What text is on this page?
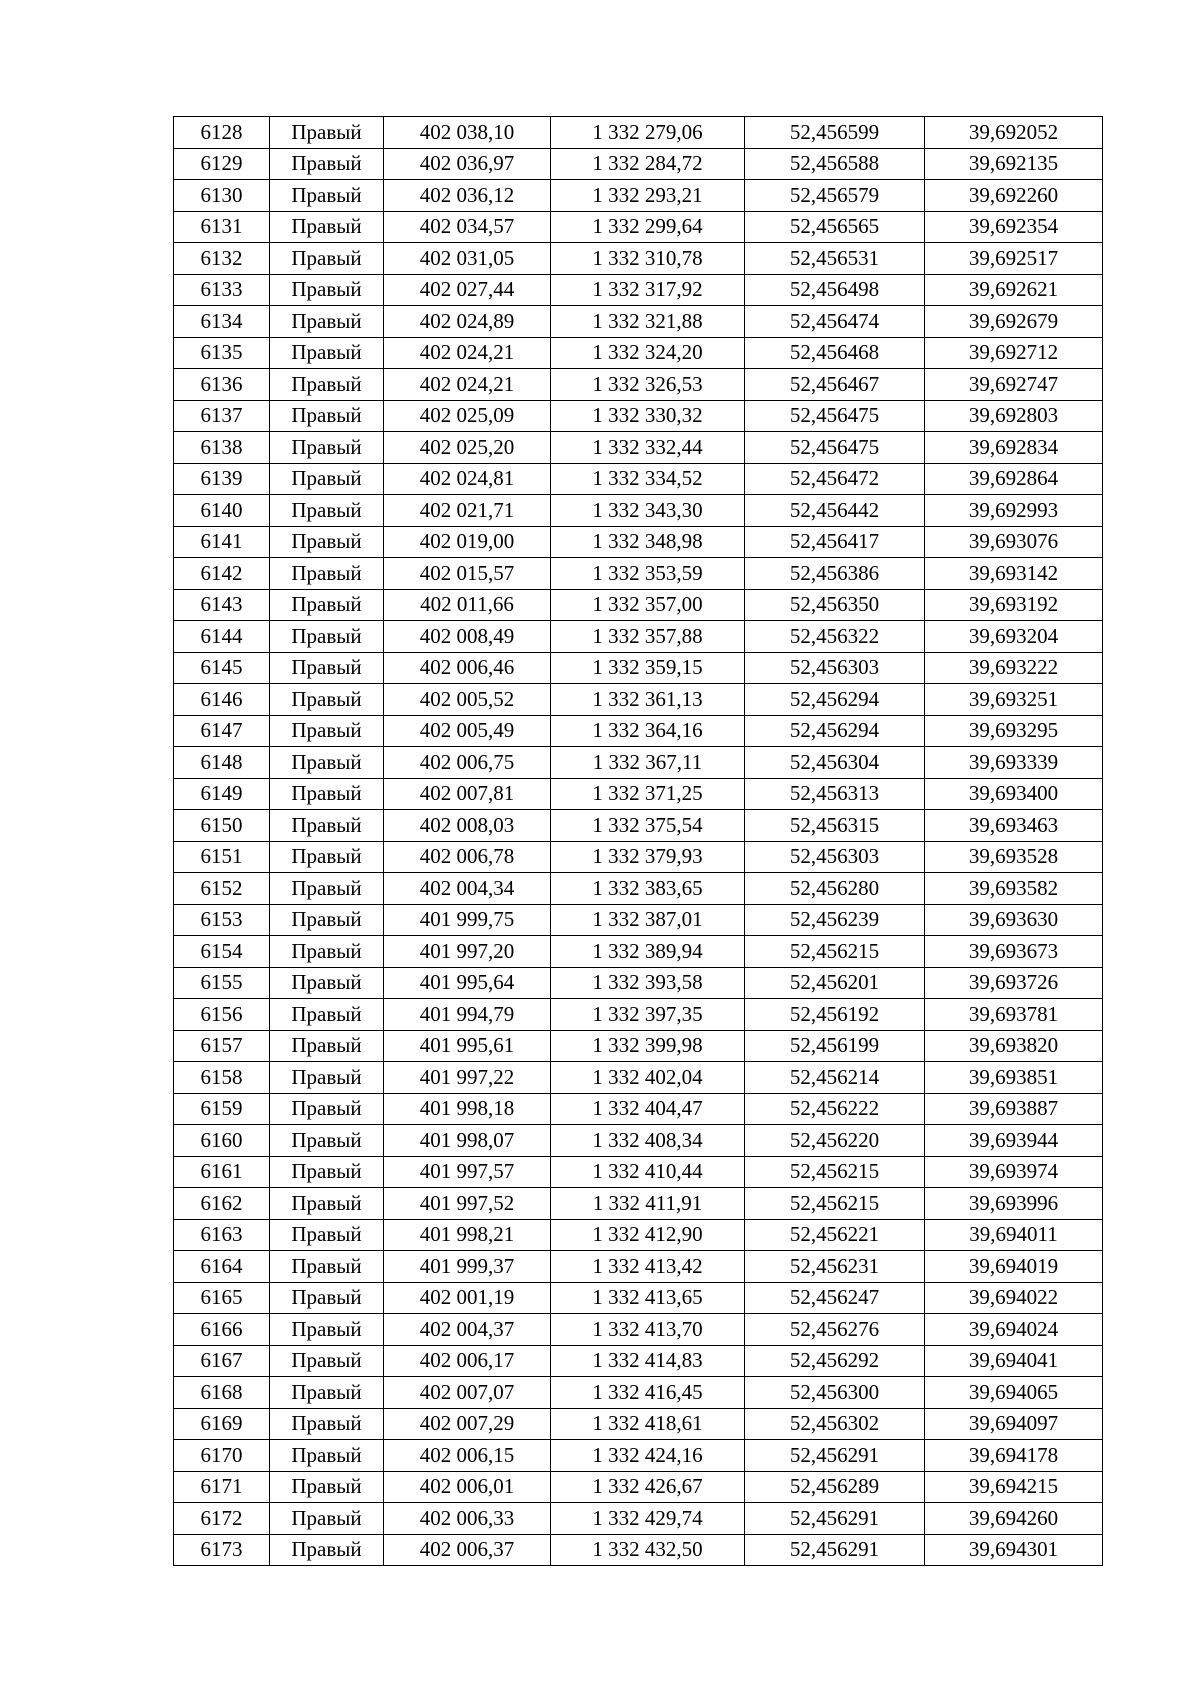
6128	Правый	402 038,10	1 332 279,06	52,456599	39,692052
6129	Правый	402 036,97	1 332 284,72	52,456588	39,692135
6130	Правый	402 036,12	1 332 293,21	52,456579	39,692260
6131	Правый	402 034,57	1 332 299,64	52,456565	39,692354
6132	Правый	402 031,05	1 332 310,78	52,456531	39,692517
6133	Правый	402 027,44	1 332 317,92	52,456498	39,692621
6134	Правый	402 024,89	1 332 321,88	52,456474	39,692679
6135	Правый	402 024,21	1 332 324,20	52,456468	39,692712
6136	Правый	402 024,21	1 332 326,53	52,456467	39,692747
6137	Правый	402 025,09	1 332 330,32	52,456475	39,692803
6138	Правый	402 025,20	1 332 332,44	52,456475	39,692834
6139	Правый	402 024,81	1 332 334,52	52,456472	39,692864
6140	Правый	402 021,71	1 332 343,30	52,456442	39,692993
6141	Правый	402 019,00	1 332 348,98	52,456417	39,693076
6142	Правый	402 015,57	1 332 353,59	52,456386	39,693142
6143	Правый	402 011,66	1 332 357,00	52,456350	39,693192
6144	Правый	402 008,49	1 332 357,88	52,456322	39,693204
6145	Правый	402 006,46	1 332 359,15	52,456303	39,693222
6146	Правый	402 005,52	1 332 361,13	52,456294	39,693251
6147	Правый	402 005,49	1 332 364,16	52,456294	39,693295
6148	Правый	402 006,75	1 332 367,11	52,456304	39,693339
6149	Правый	402 007,81	1 332 371,25	52,456313	39,693400
6150	Правый	402 008,03	1 332 375,54	52,456315	39,693463
6151	Правый	402 006,78	1 332 379,93	52,456303	39,693528
6152	Правый	402 004,34	1 332 383,65	52,456280	39,693582
6153	Правый	401 999,75	1 332 387,01	52,456239	39,693630
6154	Правый	401 997,20	1 332 389,94	52,456215	39,693673
6155	Правый	401 995,64	1 332 393,58	52,456201	39,693726
6156	Правый	401 994,79	1 332 397,35	52,456192	39,693781
6157	Правый	401 995,61	1 332 399,98	52,456199	39,693820
6158	Правый	401 997,22	1 332 402,04	52,456214	39,693851
6159	Правый	401 998,18	1 332 404,47	52,456222	39,693887
6160	Правый	401 998,07	1 332 408,34	52,456220	39,693944
6161	Правый	401 997,57	1 332 410,44	52,456215	39,693974
6162	Правый	401 997,52	1 332 411,91	52,456215	39,693996
6163	Правый	401 998,21	1 332 412,90	52,456221	39,694011
6164	Правый	401 999,37	1 332 413,42	52,456231	39,694019
6165	Правый	402 001,19	1 332 413,65	52,456247	39,694022
6166	Правый	402 004,37	1 332 413,70	52,456276	39,694024
6167	Правый	402 006,17	1 332 414,83	52,456292	39,694041
6168	Правый	402 007,07	1 332 416,45	52,456300	39,694065
6169	Правый	402 007,29	1 332 418,61	52,456302	39,694097
6170	Правый	402 006,15	1 332 424,16	52,456291	39,694178
6171	Правый	402 006,01	1 332 426,67	52,456289	39,694215
6172	Правый	402 006,33	1 332 429,74	52,456291	39,694260
6173	Правый	402 006,37	1 332 432,50	52,456291	39,694301
